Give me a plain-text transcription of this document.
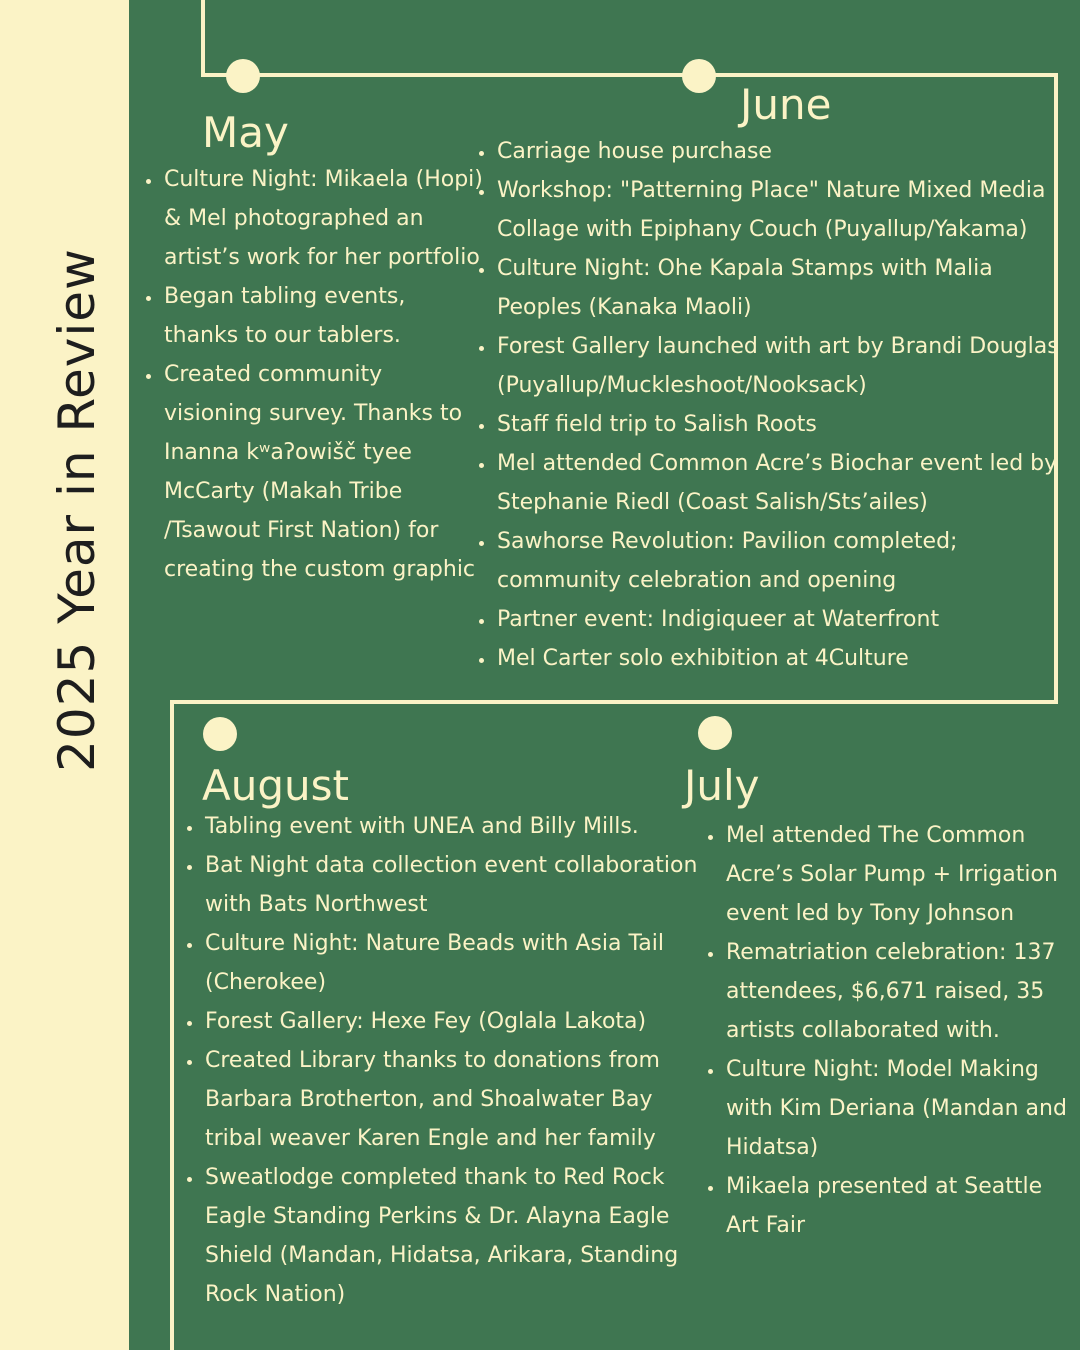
2025 Year in Review
May
• Culture Night: Mikaela (Hopi) & Mel photographed an artist’s work for her portfolio
• Began tabling events, thanks to our tablers.
• Created community visioning survey. Thanks to Inanna kʷaʔowišč tyee McCarty (Makah Tribe /Tsawout First Nation) for creating the custom graphic
June
• Carriage house purchase
• Workshop: "Patterning Place" Nature Mixed Media Collage with Epiphany Couch (Puyallup/Yakama)
• Culture Night: Ohe Kapala Stamps with Malia Peoples (Kanaka Maoli)
• Forest Gallery launched with art by Brandi Douglas (Puyallup/Muckleshoot/Nooksack)
• Staff field trip to Salish Roots
• Mel attended Common Acre’s Biochar event led by Stephanie Riedl (Coast Salish/Sts’ailes)
• Sawhorse Revolution: Pavilion completed; community celebration and opening
• Partner event: Indigiqueer at Waterfront
• Mel Carter solo exhibition at 4Culture
August
• Tabling event with UNEA and Billy Mills.
• Bat Night data collection event collaboration with Bats Northwest
• Culture Night: Nature Beads with Asia Tail (Cherokee)
• Forest Gallery: Hexe Fey (Oglala Lakota)
• Created Library thanks to donations from Barbara Brotherton, and Shoalwater Bay tribal weaver Karen Engle and her family
• Sweatlodge completed thank to Red Rock Eagle Standing Perkins & Dr. Alayna Eagle Shield (Mandan, Hidatsa, Arikara, Standing Rock Nation)
July
• Mel attended The Common Acre’s Solar Pump + Irrigation event led by Tony Johnson
• Rematriation celebration: 137 attendees, $6,671 raised, 35 artists collaborated with.
• Culture Night: Model Making with Kim Deriana (Mandan and Hidatsa)
• Mikaela presented at Seattle Art Fair
